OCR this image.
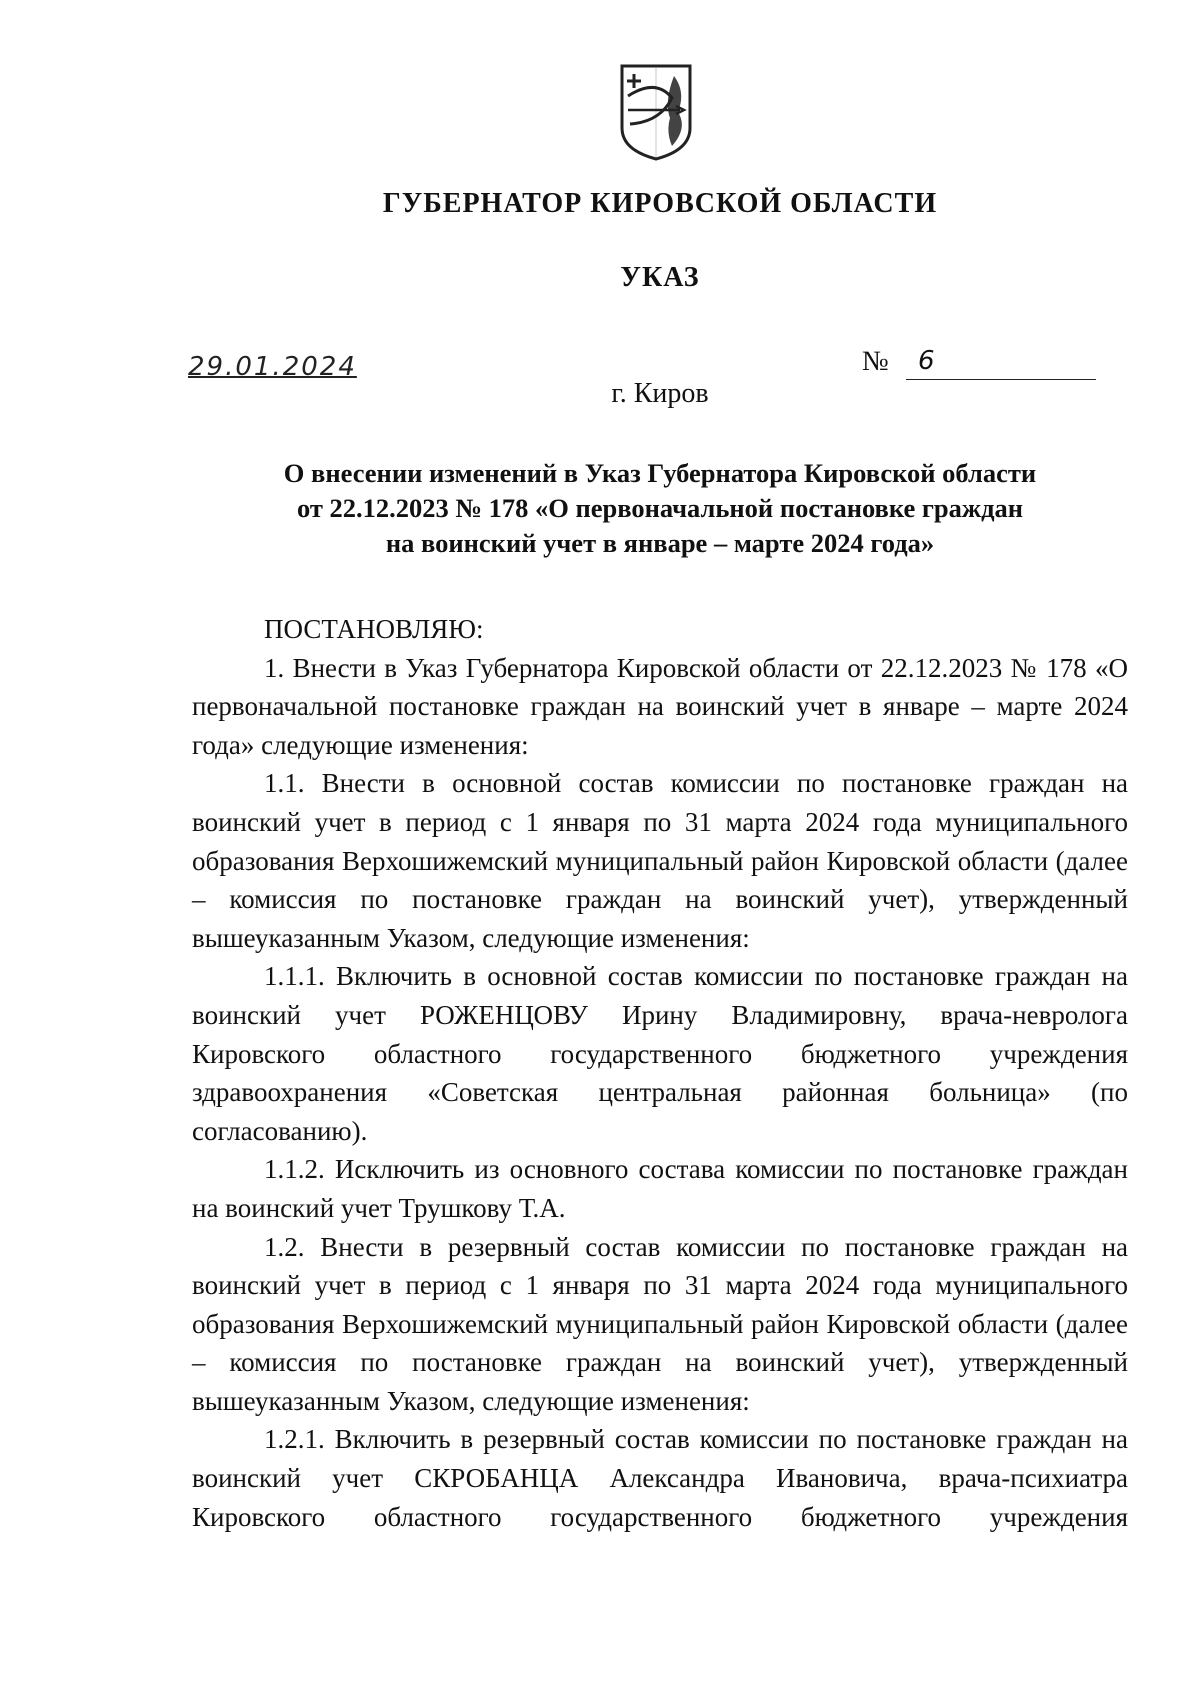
ГУБЕРНАТОР КИРОВСКОЙ ОБЛАСТИ
УКАЗ
29.01.2024	№	6
г. Киров
О внесении изменений в Указ Губернатора Кировской области
от 22.12.2023 № 178 «О первоначальной постановке граждан
на воинский учет в январе – марте 2024 года»

ПОСТАНОВЛЯЮ:

1. Внести в Указ Губернатора Кировской области от 22.12.2023 № 178 «О первоначальной постановке граждан на воинский учет в январе – марте 2024 года» следующие изменения:

1.1. Внести в основной состав комиссии по постановке граждан на воинский учет в период с 1 января по 31 марта 2024 года муниципального образования Верхошижемский муниципальный район Кировской области (далее – комиссия по постановке граждан на воинский учет), утвержденный вышеуказанным Указом, следующие изменения:

1.1.1. Включить в основной состав комиссии по постановке граждан на воинский учет РОЖЕНЦОВУ Ирину Владимировну, врача-невролога Кировского областного государственного бюджетного учреждения здравоохранения «Советская центральная районная больница» (по согласованию).

1.1.2. Исключить из основного состава комиссии по постановке граждан на воинский учет Трушкову Т.А.

1.2. Внести в резервный состав комиссии по постановке граждан на воинский учет в период с 1 января по 31 марта 2024 года муниципального образования Верхошижемский муниципальный район Кировской области (далее – комиссия по постановке граждан на воинский учет), утвержденный вышеуказанным Указом, следующие изменения:

1.2.1. Включить в резервный состав комиссии по постановке граждан на воинский учет СКРОБАНЦА Александра Ивановича, врача-психиатра Кировского областного государственного бюджетного учреждения
